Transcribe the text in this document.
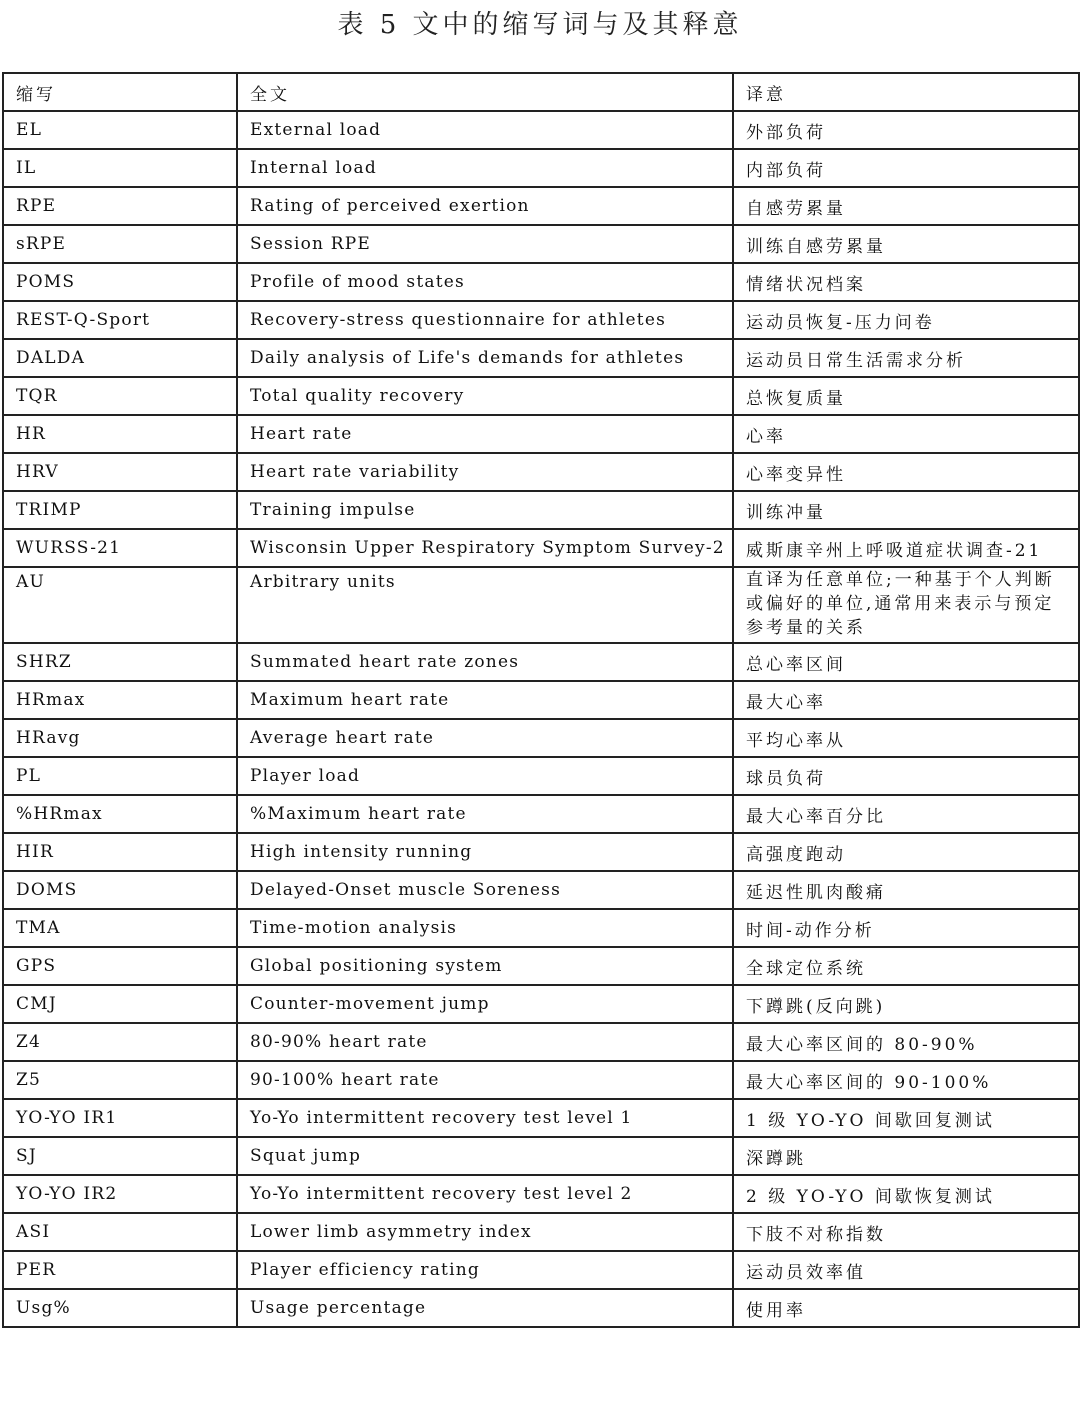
表 5 文中的缩写词与及其释意
缩写	全文	译意
EL	External load	外部负荷
IL	Internal load	内部负荷
RPE	Rating of perceived exertion	自感劳累量
sRPE	Session RPE	训练自感劳累量
POMS	Profile of mood states	情绪状况档案
REST-Q-Sport	Recovery-stress questionnaire for athletes	运动员恢复-压力问卷
DALDA	Daily analysis of Life's demands for athletes	运动员日常生活需求分析
TQR	Total quality recovery	总恢复质量
HR	Heart rate	心率
HRV	Heart rate variability	心率变异性
TRIMP	Training impulse	训练冲量
WURSS-21	Wisconsin Upper Respiratory Symptom Survey-2	威斯康辛州上呼吸道症状调查-21
AU	Arbitrary units	直译为任意单位;一种基于个人判断或偏好的单位,通常用来表示与预定参考量的关系
SHRZ	Summated heart rate zones	总心率区间
HRmax	Maximum heart rate	最大心率
HRavg	Average heart rate	平均心率从
PL	Player load	球员负荷
%HRmax	%Maximum heart rate	最大心率百分比
HIR	High intensity running	高强度跑动
DOMS	Delayed-Onset muscle Soreness	延迟性肌肉酸痛
TMA	Time-motion analysis	时间-动作分析
GPS	Global positioning system	全球定位系统
CMJ	Counter-movement jump	下蹲跳(反向跳)
Z4	80-90% heart rate	最大心率区间的 80-90%
Z5	90-100% heart rate	最大心率区间的 90-100%
YO-YO IR1	Yo-Yo intermittent recovery test level 1	1 级 YO-YO 间歇回复测试
SJ	Squat jump	深蹲跳
YO-YO IR2	Yo-Yo intermittent recovery test level 2	2 级 YO-YO 间歇恢复测试
ASI	Lower limb asymmetry index	下肢不对称指数
PER	Player efficiency rating	运动员效率值
Usg%	Usage percentage	使用率
